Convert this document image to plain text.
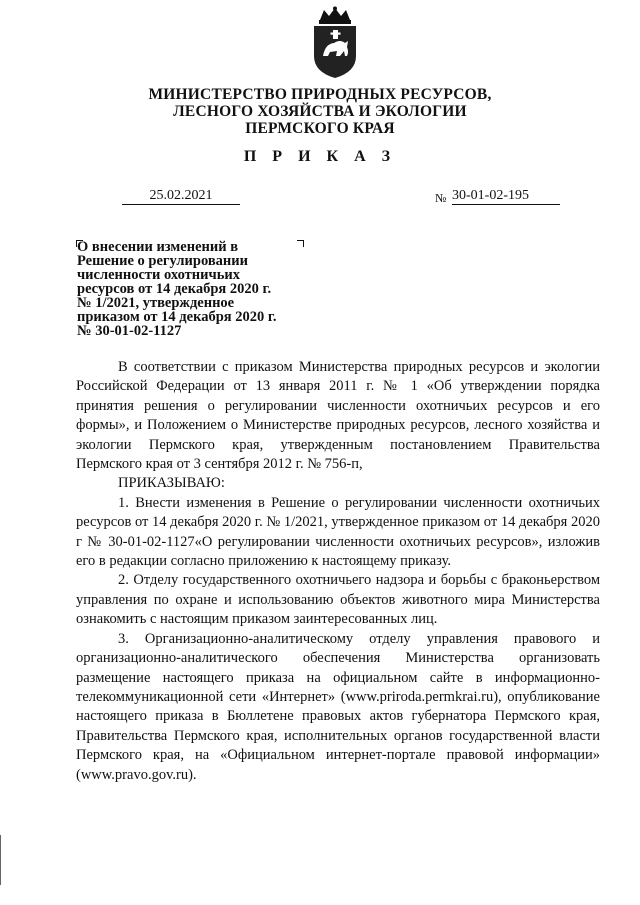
МИНИСТЕРСТВО ПРИРОДНЫХ РЕСУРСОВ,
ЛЕСНОГО ХОЗЯЙСТВА И ЭКОЛОГИИ
ПЕРМСКОГО КРАЯ
П Р И К А З
25.02.2021	№ 30-01-02-195
О внесении изменений в
Решение о регулировании
численности охотничьих
ресурсов от 14 декабря 2020 г.
№ 1/2021, утвержденное
приказом от 14 декабря 2020 г.
№ 30-01-02-1127
В соответствии с приказом Министерства природных ресурсов и экологии Российской Федерации от 13 января 2011 г. № 1 «Об утверждении порядка принятия решения о регулировании численности охотничьих ресурсов и его формы», и Положением о Министерстве природных ресурсов, лесного хозяйства и экологии Пермского края, утвержденным постановлением Правительства Пермского края от 3 сентября 2012 г. № 756-п,
ПРИКАЗЫВАЮ:
1. Внести изменения в Решение о регулировании численности охотничьих ресурсов от 14 декабря 2020 г. № 1/2021, утвержденное приказом от 14 декабря 2020 г № 30-01-02-1127«О регулировании численности охотничьих ресурсов», изложив его в редакции согласно приложению к настоящему приказу.
2. Отделу государственного охотничьего надзора и борьбы с браконьерством управления по охране и использованию объектов животного мира Министерства ознакомить с настоящим приказом заинтересованных лиц.
3. Организационно-аналитическому отделу управления правового и организационно-аналитического обеспечения Министерства организовать размещение настоящего приказа на официальном сайте в информационно-телекоммуникационной сети «Интернет» (www.priroda.permkrai.ru), опубликование настоящего приказа в Бюллетене правовых актов губернатора Пермского края, Правительства Пермского края, исполнительных органов государственной власти Пермского края, на «Официальном интернет-портале правовой информации» (www.pravo.gov.ru).
